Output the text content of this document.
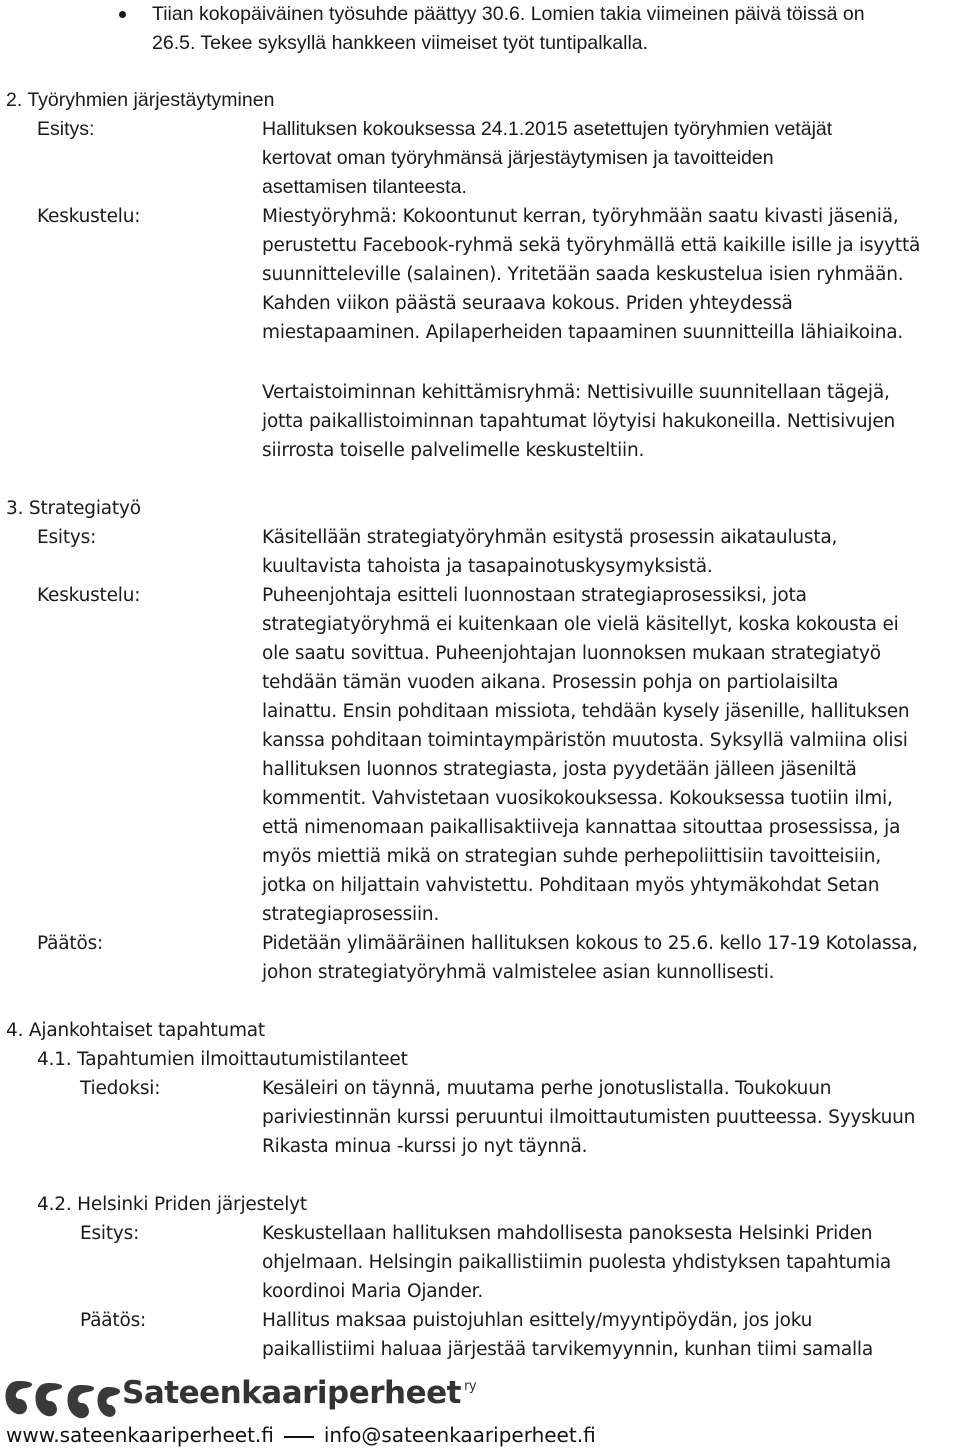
Tiian kokopäiväinen työsuhde päättyy 30.6. Lomien takia viimeinen päivä töissä on
26.5. Tekee syksyllä hankkeen viimeiset työt tuntipalkalla.
2. Työryhmien järjestäytyminen
Esitys:	Hallituksen kokouksessa 24.1.2015 asetettujen työryhmien vetäjät
kertovat oman työryhmänsä järjestäytymisen ja tavoitteiden
asettamisen tilanteesta.
Keskustelu:	Miestyöryhmä: Kokoontunut kerran, työryhmään saatu kivasti jäseniä,
perustettu Facebook-ryhmä sekä työryhmällä että kaikille isille ja isyyttä
suunnitteleville (salainen). Yritetään saada keskustelua isien ryhmään.
Kahden viikon päästä seuraava kokous. Priden yhteydessä
miestapaaminen. Apilaperheiden tapaaminen suunnitteilla lähiaikoina.
Vertaistoiminnan kehittämisryhmä: Nettisivuille suunnitellaan tägejä,
jotta paikallistoiminnan tapahtumat löytyisi hakukoneilla. Nettisivujen
siirrosta toiselle palvelimelle keskusteltiin.
3. Strategiatyö
Esitys:	Käsitellään strategiatyöryhmän esitystä prosessin aikataulusta,
kuultavista tahoista ja tasapainotuskysymyksistä.
Keskustelu:	Puheenjohtaja esitteli luonnostaan strategiaprosessiksi, jota
strategiatyöryhmä ei kuitenkaan ole vielä käsitellyt, koska kokousta ei
ole saatu sovittua. Puheenjohtajan luonnoksen mukaan strategiatyö
tehdään tämän vuoden aikana. Prosessin pohja on partiolaisilta
lainattu. Ensin pohditaan missiota, tehdään kysely jäsenille, hallituksen
kanssa pohditaan toimintaympäristön muutosta. Syksyllä valmiina olisi
hallituksen luonnos strategiasta, josta pyydetään jälleen jäseniltä
kommentit. Vahvistetaan vuosikokouksessa. Kokouksessa tuotiin ilmi,
että nimenomaan paikallisaktiiveja kannattaa sitouttaa prosessissa, ja
myös miettiä mikä on strategian suhde perhepoliittisiin tavoitteisiin,
jotka on hiljattain vahvistettu. Pohditaan myös yhtymäkohdat Setan
strategiaprosessiin.
Päätös:	Pidetään ylimääräinen hallituksen kokous to 25.6. kello 17-19 Kotolassa,
johon strategiatyöryhmä valmistelee asian kunnollisesti.
4. Ajankohtaiset tapahtumat
4.1. Tapahtumien ilmoittautumistilanteet
Tiedoksi:	Kesäleiri on täynnä, muutama perhe jonotuslistalla. Toukokuun
pariviestinnän kurssi peruuntui ilmoittautumisten puutteessa. Syyskuun
Rikasta minua -kurssi jo nyt täynnä.
4.2. Helsinki Priden järjestelyt
Esitys:	Keskustellaan hallituksen mahdollisesta panoksesta Helsinki Priden
ohjelmaan. Helsingin paikallistiimin puolesta yhdistyksen tapahtumia
koordinoi Maria Ojander.
Päätös:	Hallitus maksaa puistojuhlan esittely/myyntipöydän, jos joku
paikallistiimi haluaa järjestää tarvikemyynnin, kunhan tiimi samalla
Sateenkaariperheet $^{ry}$
www.sateenkaariperheet.fi	info@sateenkaariperheet.fi
